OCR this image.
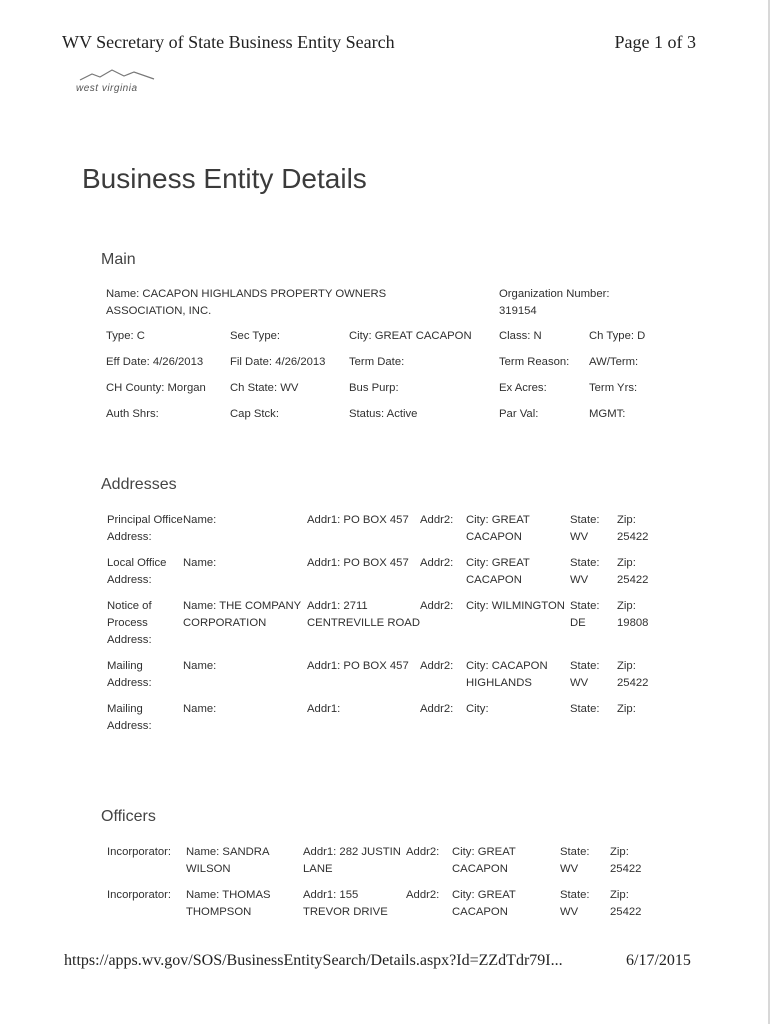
WV Secretary of State Business Entity Search	Page 1 of 3
west virginia
Business Entity Details
Main
Name: CACAPON HIGHLANDS PROPERTY OWNERS ASSOCIATION, INC.			Organization Number:
319154	

Type: C	Sec Type:	City: GREAT CACAPON	Class: N	Ch Type: D
Eff Date: 4/26/2013	Fil Date: 4/26/2013	Term Date:	Term Reason:	AW/Term:
CH County: Morgan	Ch State: WV	Bus Purp:	Ex Acres:	Term Yrs:
Auth Shrs:	Cap Stck:	Status: Active	Par Val:	MGMT:
Addresses
Principal Office Address:	Name:	Addr1: PO BOX 457	Addr2:	City: GREAT CACAPON	State: WV	Zip: 25422
Local Office Address:	Name:	Addr1: PO BOX 457	Addr2:	City: GREAT CACAPON	State: WV	Zip: 25422
Notice of Process Address:	Name: THE COMPANY CORPORATION	Addr1: 2711 CENTREVILLE ROAD	Addr2:	City: WILMINGTON	State: DE	Zip: 19808
Mailing Address:	Name:	Addr1: PO BOX 457	Addr2:	City: CACAPON HIGHLANDS	State: WV	Zip: 25422
Mailing Address:	Name:	Addr1:	Addr2:	City:	State:	Zip:
Officers
Incorporator:	Name: SANDRA WILSON	Addr1: 282 JUSTIN LANE	Addr2:	City: GREAT CACAPON	State: WV	Zip: 25422
Incorporator:	Name: THOMAS THOMPSON	Addr1: 155 TREVOR DRIVE	Addr2:	City: GREAT CACAPON	State: WV	Zip: 25422
https://apps.wv.gov/SOS/BusinessEntitySearch/Details.aspx?Id=ZZdTdr79I...	6/17/2015
